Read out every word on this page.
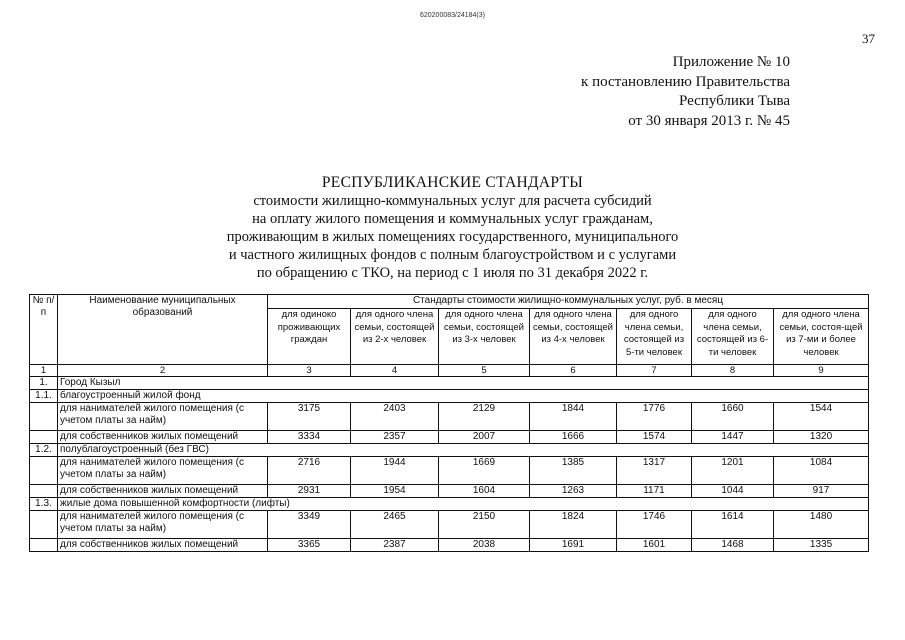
620200083/24184(3)
37
Приложение № 10
к постановлению Правительства
Республики Тыва
от 30 января 2013 г. № 45
РЕСПУБЛИКАНСКИЕ СТАНДАРТЫ
стоимости жилищно-коммунальных услуг для расчета субсидий
на оплату жилого помещения и коммунальных услуг гражданам,
проживающим в жилых помещениях государственного, муниципального
и частного жилищных фондов с полным благоустройством и с услугами
по обращению с ТКО, на период с 1 июля по 31 декабря 2022 г.
№ п/п	Наименование муниципальных образований	Стандарты стоимости жилищно-коммунальных услуг, руб. в месяц						
		для одиноко проживающих граждан	для одного члена семьи, состоящей из 2-х человек	для одного члена семьи, состоящей из 3-х человек	для одного члена семьи, состоящей из 4-х человек	для одного члена семьи, состоящей из 5-ти человек	для одного члена семьи, состоящей из 6-ти человек	для одного члена семьи, состоя-щей из 7-ми и более человек
1	2	3	4	5	6	7	8	9
1.	Город Кызыл							
1.1.	благоустроенный жилой фонд							
	для нанимателей жилого помещения (с учетом платы за найм)	3175	2403	2129	1844	1776	1660	1544
	для собственников жилых помещений	3334	2357	2007	1666	1574	1447	1320
1.2.	полублагоустроенный (без ГВС)							
	для нанимателей жилого помещения (с учетом платы за найм)	2716	1944	1669	1385	1317	1201	1084
	для собственников жилых помещений	2931	1954	1604	1263	1171	1044	917
1.3.	жилые дома повышенной комфортности (лифты)							
	для нанимателей жилого помещения (с учетом платы за найм)	3349	2465	2150	1824	1746	1614	1480
	для собственников жилых помещений	3365	2387	2038	1691	1601	1468	1335
